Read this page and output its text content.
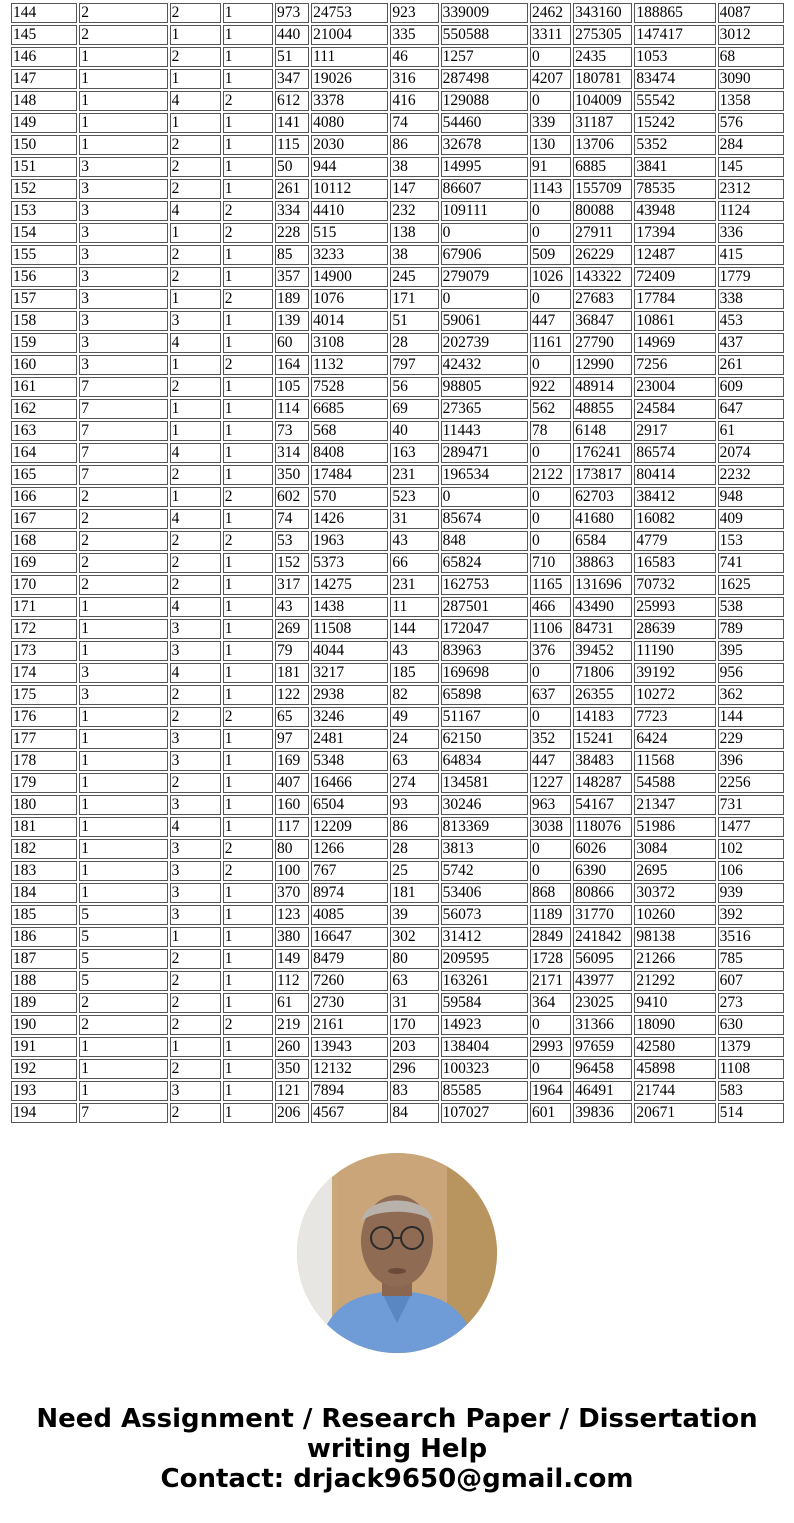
144	2	2	1	973	24753	923	339009	2462	343160	188865	4087
145	2	1	1	440	21004	335	550588	3311	275305	147417	3012
146	1	2	1	51	111	46	1257	0	2435	1053	68
147	1	1	1	347	19026	316	287498	4207	180781	83474	3090
148	1	4	2	612	3378	416	129088	0	104009	55542	1358
149	1	1	1	141	4080	74	54460	339	31187	15242	576
150	1	2	1	115	2030	86	32678	130	13706	5352	284
151	3	2	1	50	944	38	14995	91	6885	3841	145
152	3	2	1	261	10112	147	86607	1143	155709	78535	2312
153	3	4	2	334	4410	232	109111	0	80088	43948	1124
154	3	1	2	228	515	138	0	0	27911	17394	336
155	3	2	1	85	3233	38	67906	509	26229	12487	415
156	3	2	1	357	14900	245	279079	1026	143322	72409	1779
157	3	1	2	189	1076	171	0	0	27683	17784	338
158	3	3	1	139	4014	51	59061	447	36847	10861	453
159	3	4	1	60	3108	28	202739	1161	27790	14969	437
160	3	1	2	164	1132	797	42432	0	12990	7256	261
161	7	2	1	105	7528	56	98805	922	48914	23004	609
162	7	1	1	114	6685	69	27365	562	48855	24584	647
163	7	1	1	73	568	40	11443	78	6148	2917	61
164	7	4	1	314	8408	163	289471	0	176241	86574	2074
165	7	2	1	350	17484	231	196534	2122	173817	80414	2232
166	2	1	2	602	570	523	0	0	62703	38412	948
167	2	4	1	74	1426	31	85674	0	41680	16082	409
168	2	2	2	53	1963	43	848	0	6584	4779	153
169	2	2	1	152	5373	66	65824	710	38863	16583	741
170	2	2	1	317	14275	231	162753	1165	131696	70732	1625
171	1	4	1	43	1438	11	287501	466	43490	25993	538
172	1	3	1	269	11508	144	172047	1106	84731	28639	789
173	1	3	1	79	4044	43	83963	376	39452	11190	395
174	3	4	1	181	3217	185	169698	0	71806	39192	956
175	3	2	1	122	2938	82	65898	637	26355	10272	362
176	1	2	2	65	3246	49	51167	0	14183	7723	144
177	1	3	1	97	2481	24	62150	352	15241	6424	229
178	1	3	1	169	5348	63	64834	447	38483	11568	396
179	1	2	1	407	16466	274	134581	1227	148287	54588	2256
180	1	3	1	160	6504	93	30246	963	54167	21347	731
181	1	4	1	117	12209	86	813369	3038	118076	51986	1477
182	1	3	2	80	1266	28	3813	0	6026	3084	102
183	1	3	2	100	767	25	5742	0	6390	2695	106
184	1	3	1	370	8974	181	53406	868	80866	30372	939
185	5	3	1	123	4085	39	56073	1189	31770	10260	392
186	5	1	1	380	16647	302	31412	2849	241842	98138	3516
187	5	2	1	149	8479	80	209595	1728	56095	21266	785
188	5	2	1	112	7260	63	163261	2171	43977	21292	607
189	2	2	1	61	2730	31	59584	364	23025	9410	273
190	2	2	2	219	2161	170	14923	0	31366	18090	630
191	1	1	1	260	13943	203	138404	2993	97659	42580	1379
192	1	2	1	350	12132	296	100323	0	96458	45898	1108
193	1	3	1	121	7894	83	85585	1964	46491	21744	583
194	7	2	1	206	4567	84	107027	601	39836	20671	514
Need Assignment / Research Paper / Dissertation
writing Help
Contact: drjack9650@gmail.com
